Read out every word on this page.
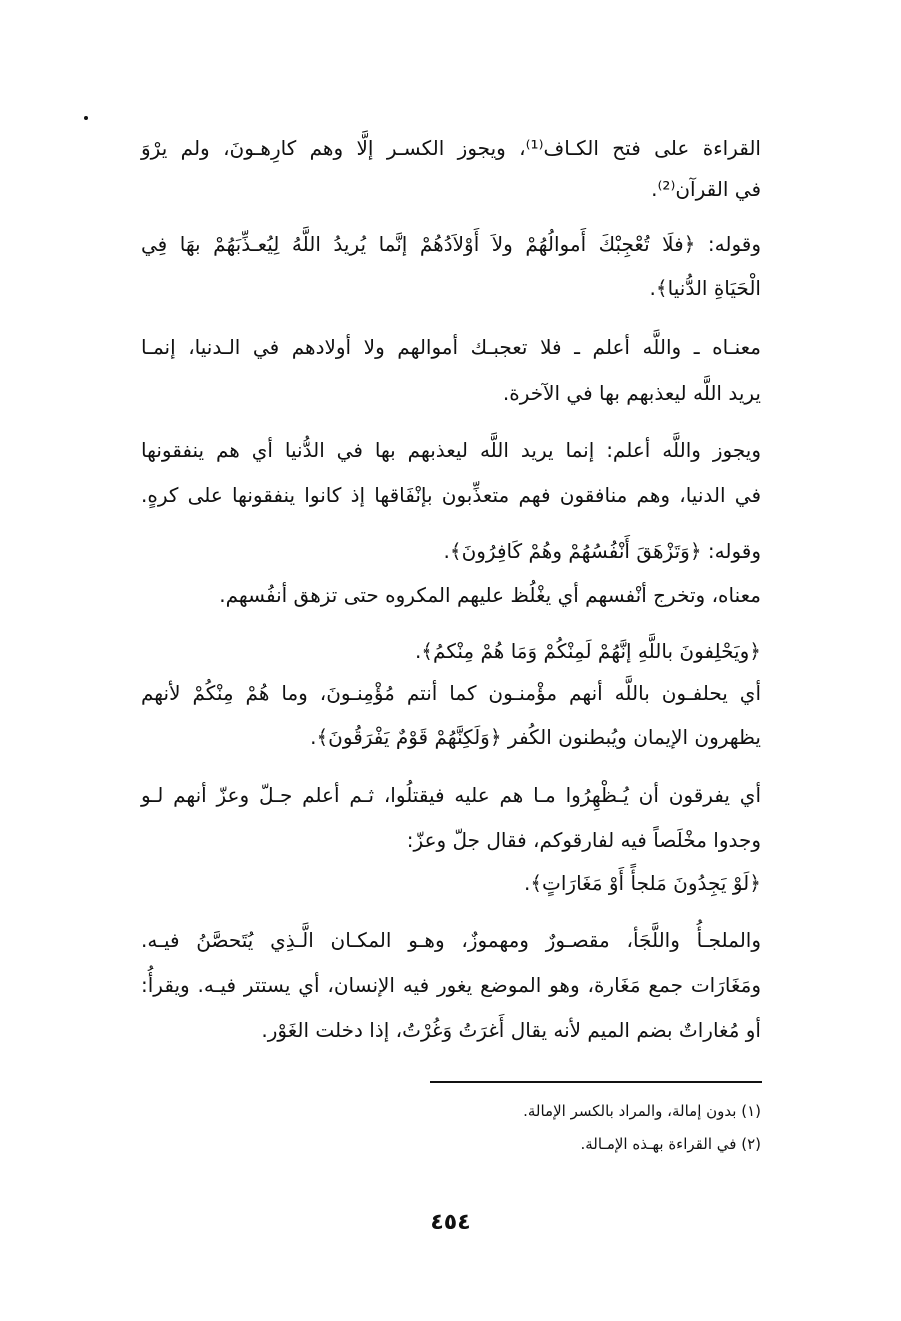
القراءة على فتح الكـاف⁽¹⁾، ويجوز الكسـر إلَّا وهم كارِهـونَ، ولم يرْوَ
في القرآن⁽²⁾.
وقوله: ﴿فلَا تُعْجِبْكَ أَموالُهُمْ ولاَ أَوْلاَدُهُمْ إنَّما يُريدُ اللَّهُ لِيُعـذِّبَهُمْ بهَا فِي
الْحَيَاةِ الدُّنيا﴾.
معنـاه ـ واللَّه أعلم ـ فلا تعجبـك أموالهم ولا أولادهم في الـدنيا، إنمـا
يريد اللَّه ليعذبهم بها في الآخرة.
ويجوز واللَّه أعلم: إنما يريد اللَّه ليعذبهم بها في الدُّنيا أي هم ينفقونها
في الدنيا، وهم منافقون فهم متعذِّبون بإنْفَاقها إذ كانوا ينفقونها على كرهٍ.
وقوله: ﴿وَتَزْهَقَ أَنْفُسُهُمْ وهُمْ كَافِرُونَ﴾.
معناه، وتخرج أنْفسهم أي يغْلُظ عليهم المكروه حتى تزهق أنفُسهم.
﴿ويَحْلِفونَ باللَّهِ إنَّهُمْ لَمِنْكُمْ وَمَا هُمْ مِنْكمُ﴾.
أي يحلفـون باللَّه أنهم مؤْمنـون كما أنتم مُؤْمِنـونَ، وما هُمْ مِنْكُمْ لأنهم
يظهرون الإيمان ويُبطنون الكُفر ﴿وَلَكِنَّهُمْ قَوْمٌ يَفْرَقُونَ﴾.
أي يفرقون أن يُـظْهِرُوا مـا هم عليه فيقتلُوا، ثـم أعلم جـلّ وعزّ أنهم لـو
وجدوا مخْلَصاً فيه لفارقوكم، فقال جلّ وعزّ:
﴿لَوْ يَجِدُونَ مَلجأً أَوْ مَغَارَاتٍ﴾.
والملجـأُ واللَّجَأ، مقصـورٌ ومهموزٌ، وهـو المكـان الَّـذِي يُتَحصَّنُ فيـه.
ومَغَارَات جمع مَغَارة، وهو الموضع يغور فيه الإنسان، أي يستتر فيـه. ويقرأُ:
أو مُغاراتٌ بضم الميم لأنه يقال أَغرَتُ وَغُرْتُ، إذا دخلت الغَوْر.
(١) بدون إمالة، والمراد بالكسر الإمالة.
(٢) في القراءة بهـذه الإمـالة.
٤٥٤
